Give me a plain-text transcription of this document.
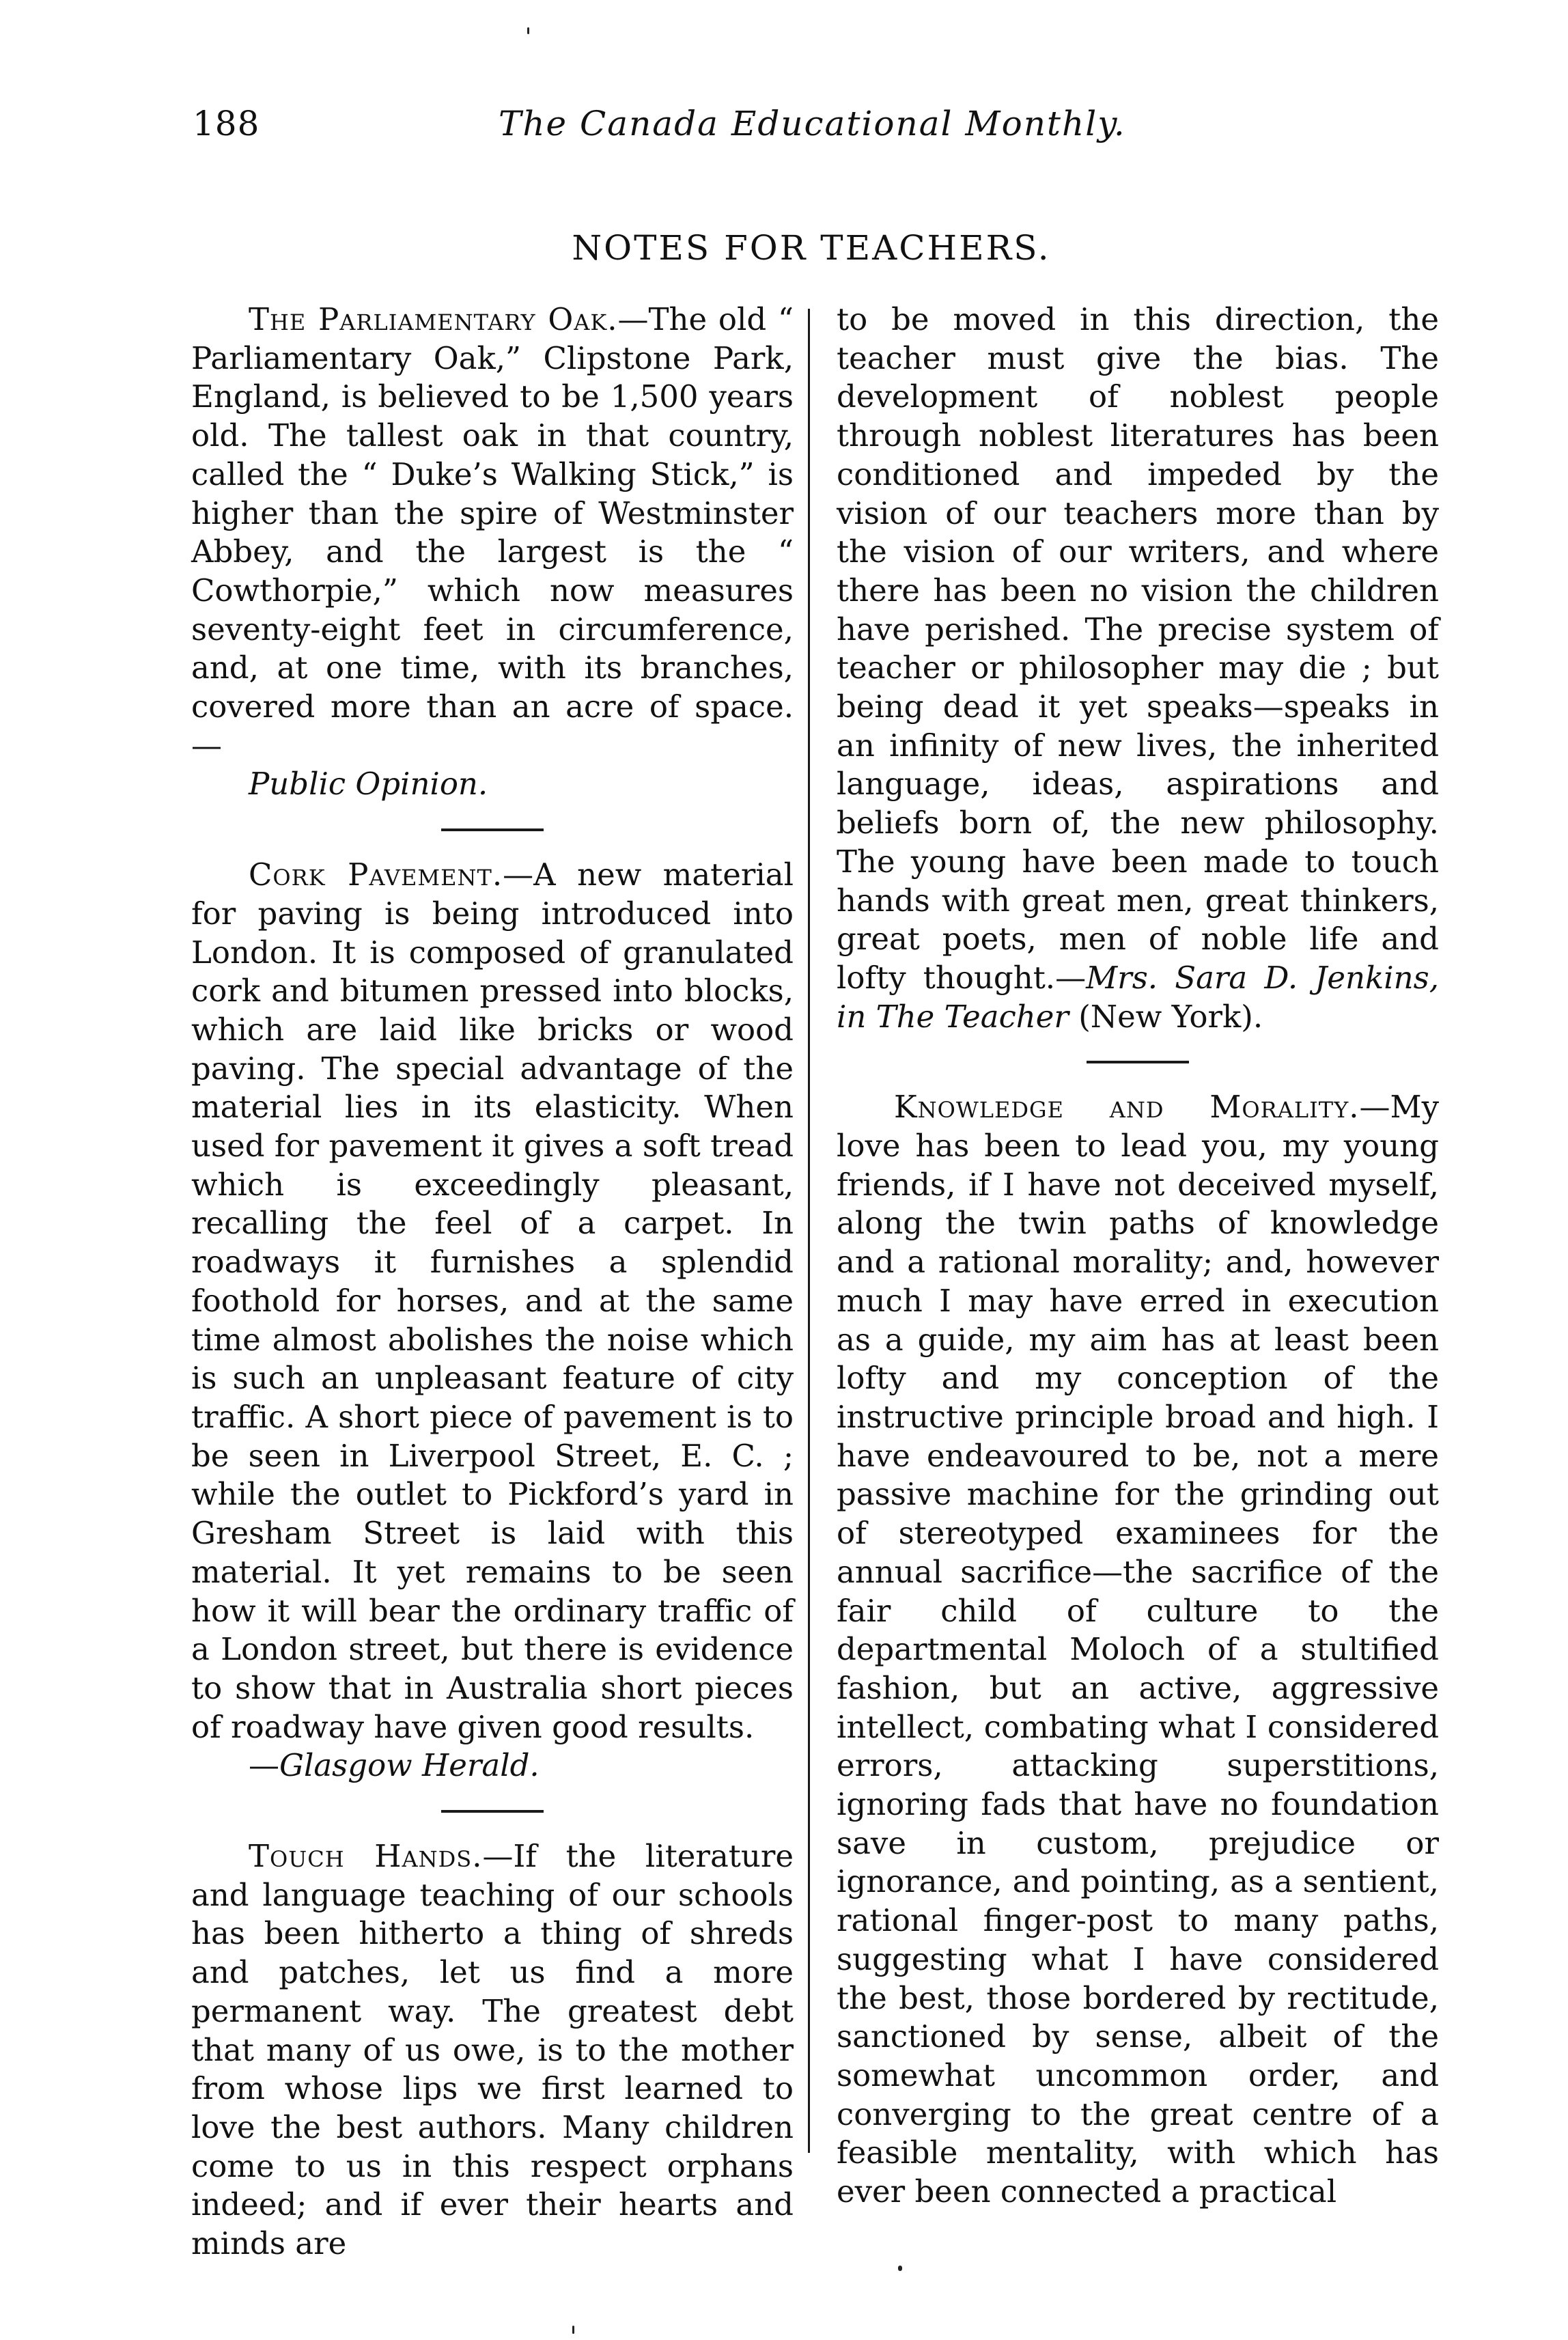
188	The Canada Educational Monthly.
NOTES FOR TEACHERS.

The Parliamentary Oak.—The old “ Parliamentary Oak,” Clipstone Park, England, is believed to be 1,500 years old. The tallest oak in that country, called the “ Duke’s Walking Stick,” is higher than the spire of Westminster Abbey, and the largest is the “ Cowthorpie,” which now measures seventy-eight feet in circumference, and, at one time, with its branches, covered more than an acre of space. —

Public Opinion.

Cork Pavement.—A new material for paving is being introduced into London. It is composed of granulated cork and bitumen pressed into blocks, which are laid like bricks or wood paving. The special advantage of the material lies in its elasticity. When used for pavement it gives a soft tread which is exceedingly pleasant, recalling the feel of a carpet. In roadways it furnishes a splendid foothold for horses, and at the same time almost abolishes the noise which is such an unpleasant feature of city traffic. A short piece of pavement is to be seen in Liverpool Street, E. C. ; while the outlet to Pickford’s yard in Gresham Street is laid with this material. It yet remains to be seen how it will bear the ordinary traffic of a London street, but there is evidence to show that in Australia short pieces of roadway have given good results.

—Glasgow Herald.

Touch Hands.—If the literature and language teaching of our schools has been hitherto a thing of shreds and patches, let us find a more permanent way. The greatest debt that many of us owe, is to the mother from whose lips we first learned to love the best authors. Many children come to us in this respect orphans indeed; and if ever their hearts and minds are

to be moved in this direction, the teacher must give the bias. The development of noblest people through noblest literatures has been conditioned and impeded by the vision of our teachers more than by the vision of our writers, and where there has been no vision the children have perished. The precise system of teacher or philosopher may die ; but being dead it yet speaks—speaks in an infinity of new lives, the inherited language, ideas, aspirations and beliefs born of, the new philosophy. The young have been made to touch hands with great men, great thinkers, great poets, men of noble life and lofty thought.—Mrs. Sara D. Jenkins, in The Teacher (New York).

Knowledge and Morality.—My love has been to lead you, my young friends, if I have not deceived myself, along the twin paths of knowledge and a rational morality; and, however much I may have erred in execution as a guide, my aim has at least been lofty and my conception of the instructive principle broad and high. I have endeavoured to be, not a mere passive machine for the grinding out of stereotyped examinees for the annual sacrifice—the sacrifice of the fair child of culture to the departmental Moloch of a stultified fashion, but an active, aggressive intellect, combating what I considered errors, attacking superstitions, ignoring fads that have no foundation save in custom, prejudice or ignorance, and pointing, as a sentient, rational finger-post to many paths, suggesting what I have considered the best, those bordered by rectitude, sanctioned by sense, albeit of the somewhat uncommon order, and converging to the great centre of a feasible mentality, with which has ever been connected a practical
